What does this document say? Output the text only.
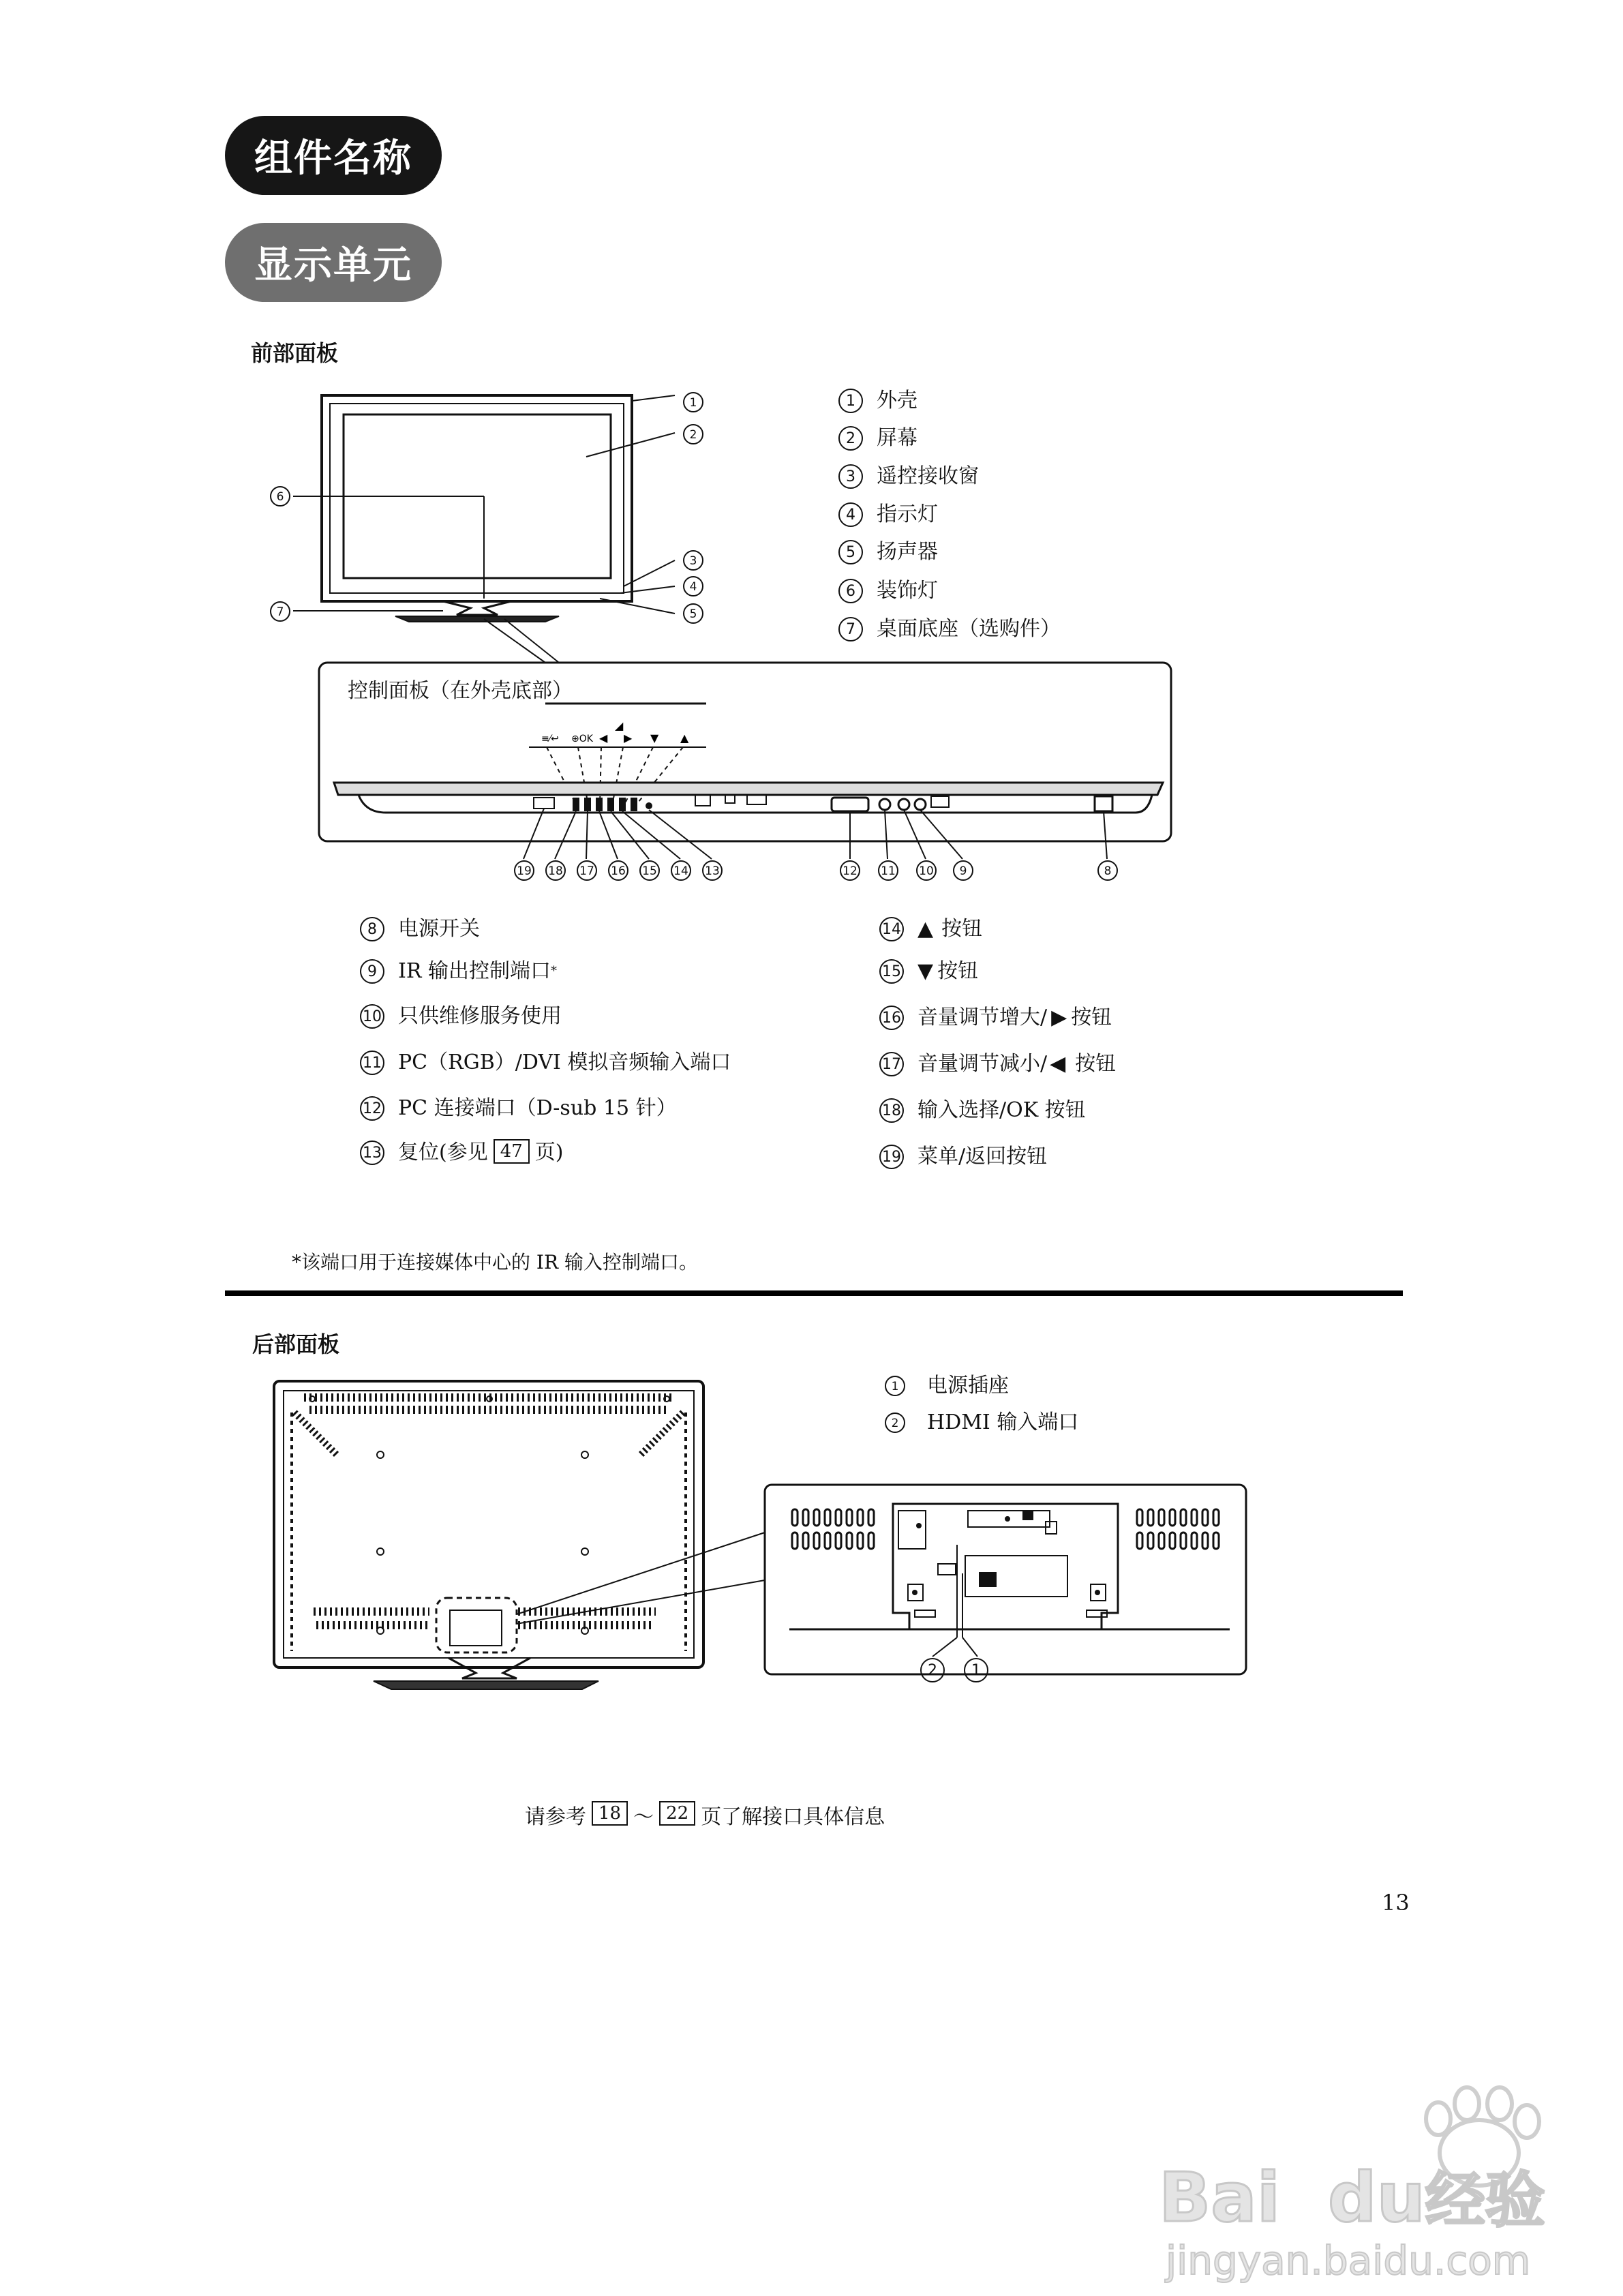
组件名称
显示单元
前部面板
1
2
3
4
5
6
7
1	外壳
2	屏幕
3	遥控接收窗
4	指示灯
5	扬声器
6	装饰灯
7	桌面底座（选购件）
≡⁄↩ ⊕OK ◀
◢
▶ ▼ ▲
控制面板（在外壳底部）
19 18 17 16 15 14 13	12 11 10	9	8
8	电源开关
9	IR 输出控制端口 *
10 只供维修服务使用
11 PC（RGB）/DVI 模拟音频输入端口
12 PC 连接端口（D-sub 15 针）
13 复位(参见 47 页)
14 ▲ 按钮
15 ▼ 按钮
16 音量调节增大/ ▶ 按钮
17 音量调节减小/ ◀ 按钮
18 输入选择/OK 按钮
19 菜单/返回按钮
*该端口用于连接媒体中心的 IR 输入控制端口。
后部面板
1	电源插座
2	HDMI 输入端口
2	1
请参考 18 ～ 22 页了解接口具体信息
13
Bai du经验
jingyan.baidu.com
